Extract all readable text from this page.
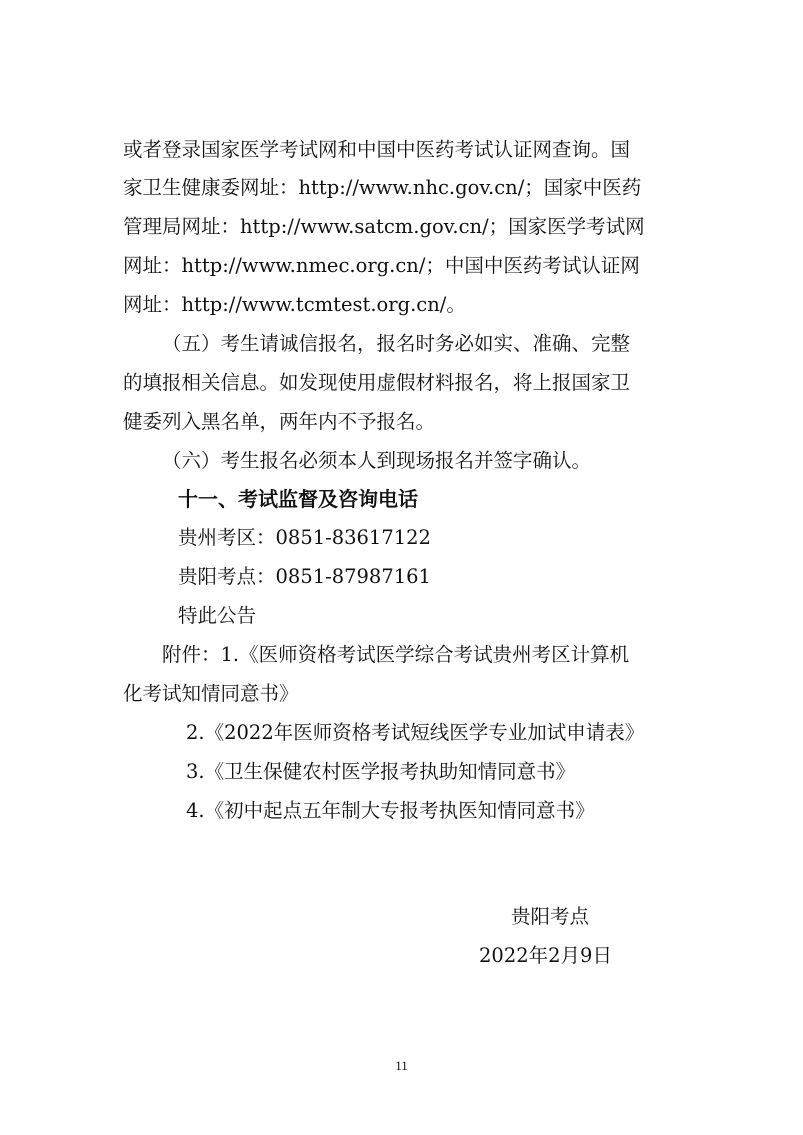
或者登录国家医学考试网和中国中医药考试认证网查询。国
家卫生健康委网址：http://www.nhc.gov.cn/；国家中医药
管理局网址：http://www.satcm.gov.cn/；国家医学考试网
网址：http://www.nmec.org.cn/；中国中医药考试认证网
网址：http://www.tcmtest.org.cn/。
（五）考生请诚信报名，报名时务必如实、准确、完整
的填报相关信息。如发现使用虚假材料报名，将上报国家卫
健委列入黑名单，两年内不予报名。
（六）考生报名必须本人到现场报名并签字确认。
十一、考试监督及咨询电话
贵州考区：0851-83617122
贵阳考点：0851-87987161
特此公告
附件：1.《医师资格考试医学综合考试贵州考区计算机
化考试知情同意书》
2.《2022年医师资格考试短线医学专业加试申请表》
3.《卫生保健农村医学报考执助知情同意书》
4.《初中起点五年制大专报考执医知情同意书》
贵阳考点
2022年2月9日
11
